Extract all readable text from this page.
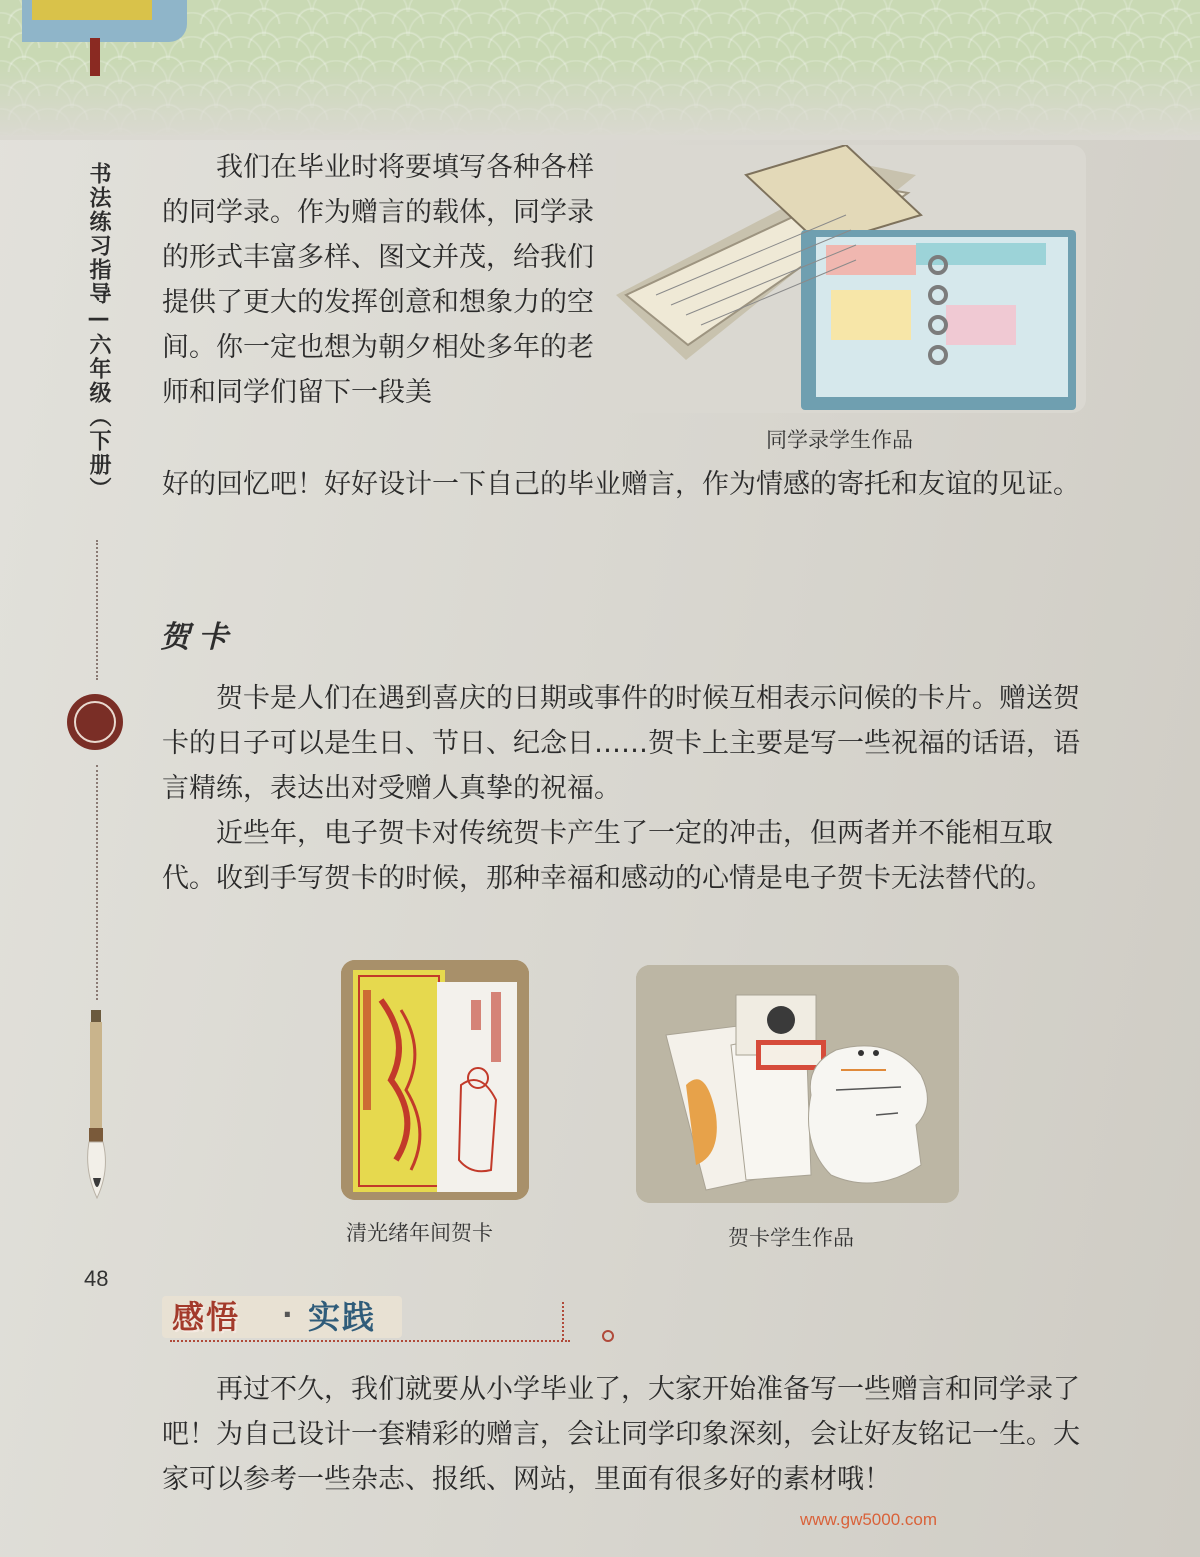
书法练习指导—六年级（下册）
48
我们在毕业时将要填写各种各样的同学录。作为赠言的载体，同学录的形式丰富多样、图文并茂，给我们提供了更大的发挥创意和想象力的空间。你一定也想为朝夕相处多年的老师和同学们留下一段美
好的回忆吧！好好设计一下自己的毕业赠言，作为情感的寄托和友谊的见证。
贺卡
贺卡是人们在遇到喜庆的日期或事件的时候互相表示问候的卡片。赠送贺卡的日子可以是生日、节日、纪念日……贺卡上主要是写一些祝福的话语，语言精练，表达出对受赠人真挚的祝福。
近些年，电子贺卡对传统贺卡产生了一定的冲击，但两者并不能相互取代。收到手写贺卡的时候，那种幸福和感动的心情是电子贺卡无法替代的。
同学录学生作品
清光绪年间贺卡	贺卡学生作品
感悟 · 实践
再过不久，我们就要从小学毕业了，大家开始准备写一些赠言和同学录了吧！为自己设计一套精彩的赠言，会让同学印象深刻，会让好友铭记一生。大家可以参考一些杂志、报纸、网站，里面有很多好的素材哦！
www.gw5000.com
